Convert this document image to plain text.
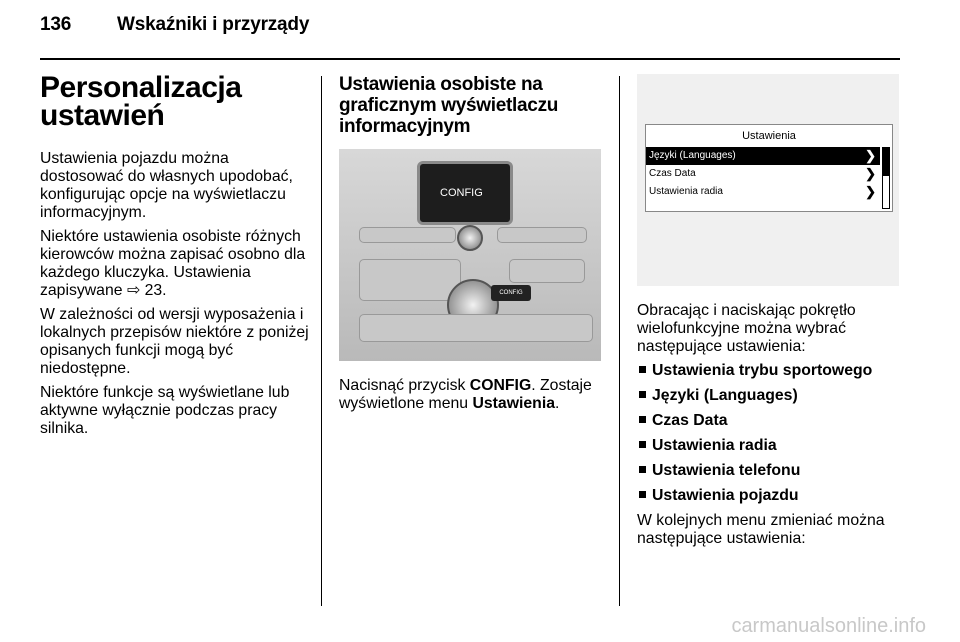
136 Wskaźniki i przyrządy
Personalizacja ustawień

Ustawienia pojazdu można dostosować do własnych upodobać, konfigurując opcje na wyświetlaczu informacyjnym.

Niektóre ustawienia osobiste różnych kierowców można zapisać osobno dla każdego kluczyka. Ustawienia zapisywane ⇨ 23.

W zależności od wersji wyposażenia i lokalnych przepisów niektóre z poniżej opisanych funkcji mogą być niedostępne.

Niektóre funkcje są wyświetlane lub aktywne wyłącznie podczas pracy silnika.

Ustawienia osobiste na graficznym wyświetlaczu informacyjnym
CONFIG
CONFIG

Nacisnąć przycisk CONFIG. Zostaje wyświetlone menu Ustawienia.

Ustawienia
Języki (Languages)	❯
Czas Data	❯
Ustawienia radia	❯

Obracając i naciskając pokrętło wielofunkcyjne można wybrać następujące ustawienia:

Ustawienia trybu sportowego
Języki (Languages)
Czas Data
Ustawienia radia
Ustawienia telefonu
Ustawienia pojazdu

W kolejnych menu zmieniać można następujące ustawienia:

carmanualsonline.info
